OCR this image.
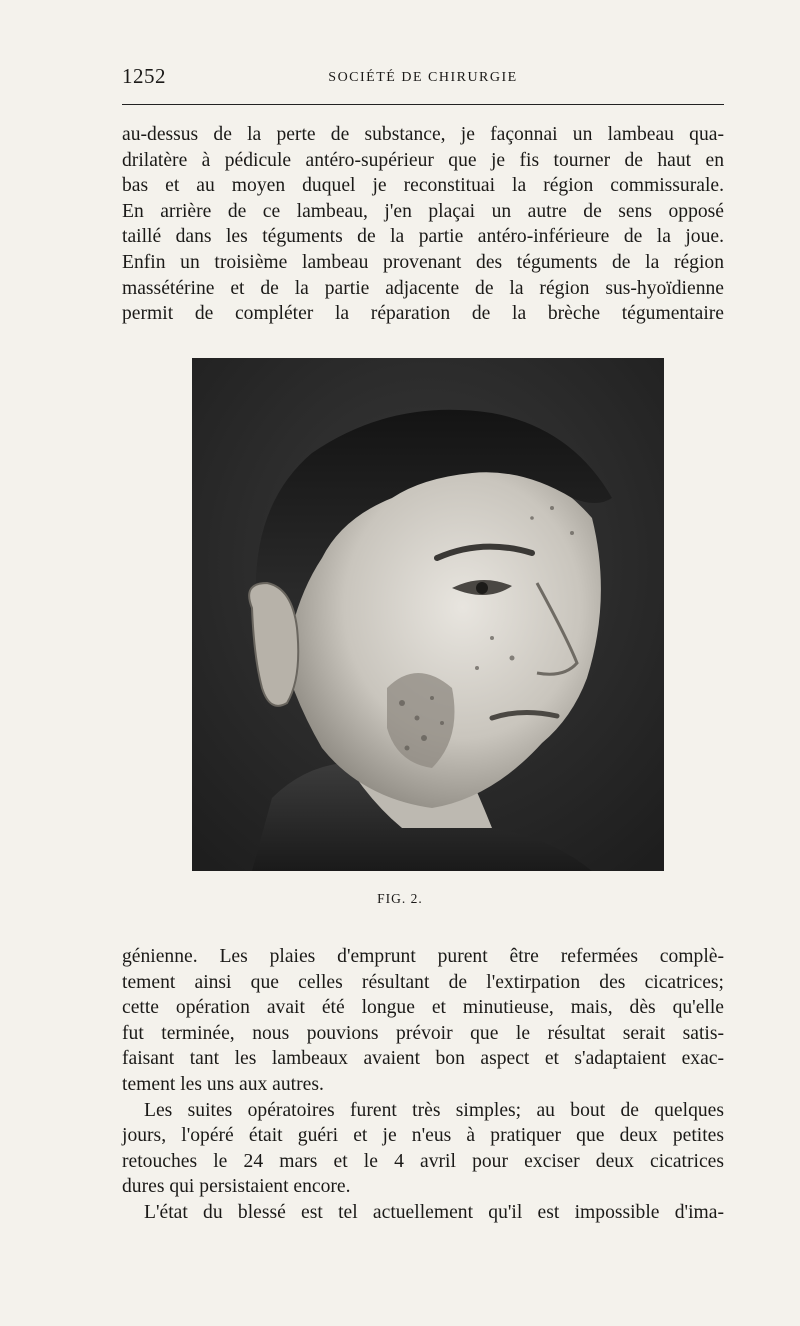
1252	SOCIÉTÉ DE CHIRURGIE
au-dessus de la perte de substance, je façonnai un lambeau qua-
drilatère à pédicule antéro-supérieur que je fis tourner de haut en
bas et au moyen duquel je reconstituai la région commissurale.
En arrière de ce lambeau, j'en plaçai un autre de sens opposé
taillé dans les téguments de la partie antéro-inférieure de la joue.
Enfin un troisième lambeau provenant des téguments de la région
massétérine et de la partie adjacente de la région sus-hyoïdienne
permit de compléter la réparation de la brèche tégumentaire
FIG. 2.
génienne. Les plaies d'emprunt purent être refermées complè-
tement ainsi que celles résultant de l'extirpation des cicatrices;
cette opération avait été longue et minutieuse, mais, dès qu'elle
fut terminée, nous pouvions prévoir que le résultat serait satis-
faisant tant les lambeaux avaient bon aspect et s'adaptaient exac-
tement les uns aux autres.
Les suites opératoires furent très simples; au bout de quelques
jours, l'opéré était guéri et je n'eus à pratiquer que deux petites
retouches le 24 mars et le 4 avril pour exciser deux cicatrices
dures qui persistaient encore.
L'état du blessé est tel actuellement qu'il est impossible d'ima-
